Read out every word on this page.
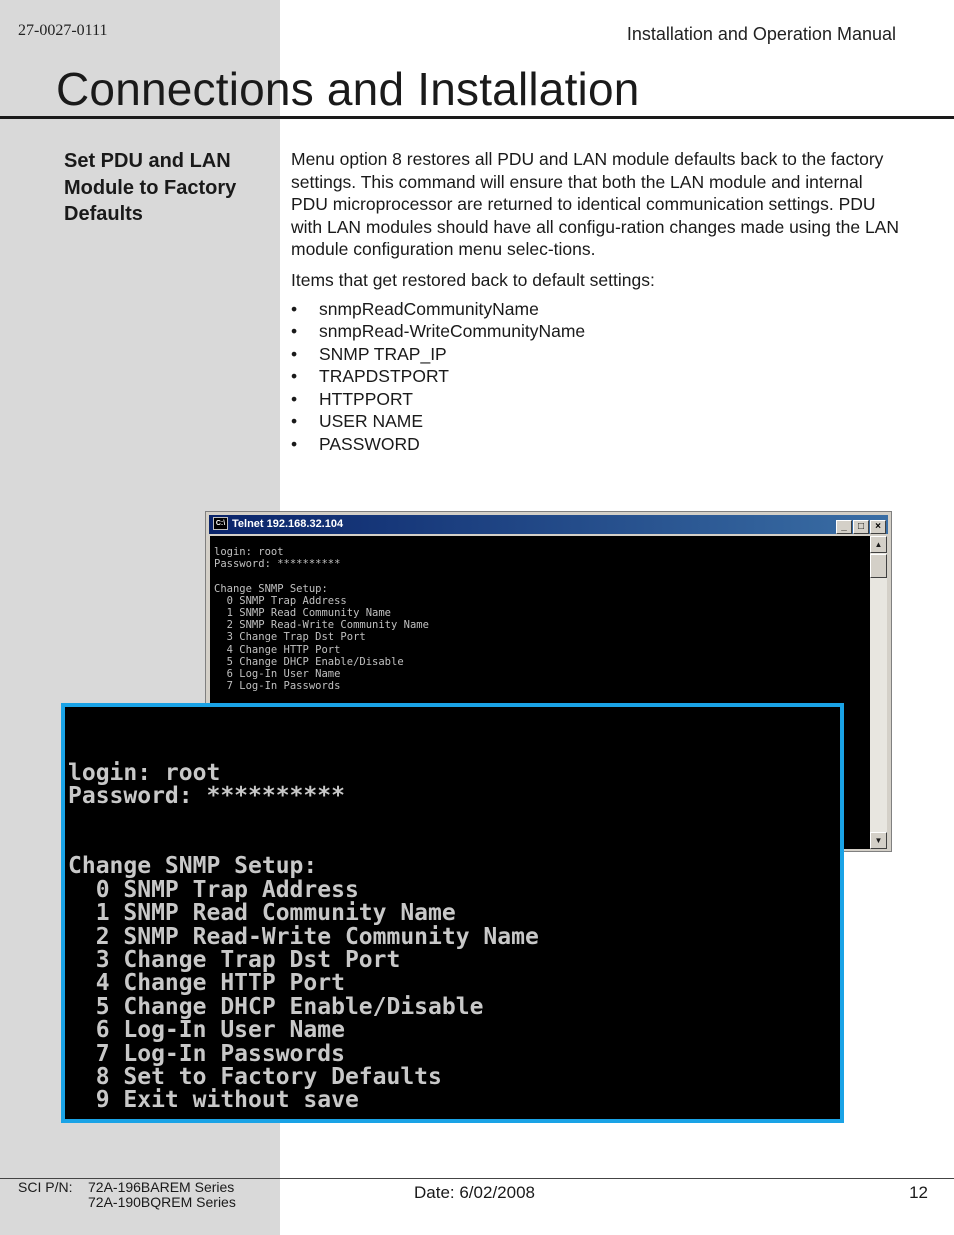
27-0027-0111	Installation and Operation Manual
Connections and Installation
Set PDU and LAN Module to Factory Defaults

Menu option 8 restores all PDU and LAN module defaults back to the factory settings. This command will ensure that both the LAN module and internal PDU microprocessor are returned to identical communication settings. PDU with LAN modules should have all configu-ration changes made using the LAN module configuration menu selec-tions.

Items that get restored back to default settings:

• snmpReadCommunityName
• snmpRead-WriteCommunityName
• SNMP TRAP_IP
• TRAPDSTPORT
• HTTPPORT
• USER NAME
• PASSWORD
C:\ Telnet 192.168.32.104	_ □ ×
login: root
Password: **********
Change SNMP Setup:
0 SNMP Trap Address
1 SNMP Read Community Name
2 SNMP Read-Write Community Name
3 Change Trap Dst Port
4 Change HTTP Port
5 Change DHCP Enable/Disable
6 Log-In User Name
7 Log-In Passwords
▲
▼

login: root
Password: **********
Change SNMP Setup:
0 SNMP Trap Address
1 SNMP Read Community Name
2 SNMP Read-Write Community Name
3 Change Trap Dst Port
4 Change HTTP Port
5 Change DHCP Enable/Disable
6 Log-In User Name
7 Log-In Passwords
8 Set to Factory Defaults
9 Exit without save

SCI P/N: 72A-196BAREM Series
72A-190BQREM Series	Date: 6/02/2008	12
